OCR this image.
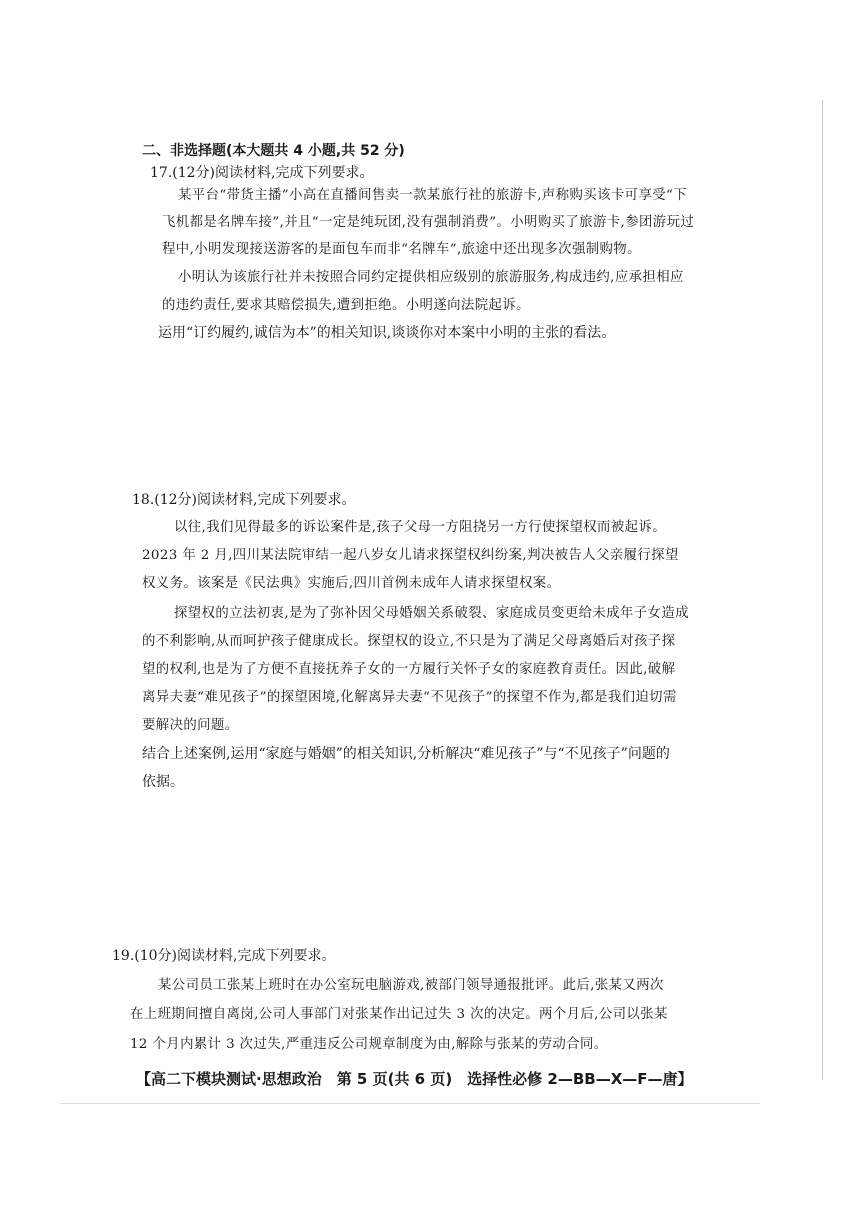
二、非选择题(本大题共 4 小题,共 52 分)
17.(12分)阅读材料,完成下列要求。
某平台“带货主播”小高在直播间售卖一款某旅行社的旅游卡,声称购买该卡可享受“下
飞机都是名牌车接”,并且“一定是纯玩团,没有强制消费”。小明购买了旅游卡,参团游玩过
程中,小明发现接送游客的是面包车而非“名牌车”,旅途中还出现多次强制购物。
小明认为该旅行社并未按照合同约定提供相应级别的旅游服务,构成违约,应承担相应
的违约责任,要求其赔偿损失,遭到拒绝。小明遂向法院起诉。
运用“订约履约,诚信为本”的相关知识,谈谈你对本案中小明的主张的看法。
18.(12分)阅读材料,完成下列要求。
以往,我们见得最多的诉讼案件是,孩子父母一方阻挠另一方行使探望权而被起诉。
2023 年 2 月,四川某法院审结一起八岁女儿请求探望权纠纷案,判决被告人父亲履行探望
权义务。该案是《民法典》实施后,四川首例未成年人请求探望权案。
探望权的立法初衷,是为了弥补因父母婚姻关系破裂、家庭成员变更给未成年子女造成
的不利影响,从而呵护孩子健康成长。探望权的设立,不只是为了满足父母离婚后对孩子探
望的权利,也是为了方便不直接抚养子女的一方履行关怀子女的家庭教育责任。因此,破解
离异夫妻“难见孩子”的探望困境,化解离异夫妻“不见孩子”的探望不作为,都是我们迫切需
要解决的问题。
结合上述案例,运用“家庭与婚姻”的相关知识,分析解决“难见孩子”与“不见孩子”问题的
依据。
19.(10分)阅读材料,完成下列要求。
某公司员工张某上班时在办公室玩电脑游戏,被部门领导通报批评。此后,张某又两次
在上班期间擅自离岗,公司人事部门对张某作出记过失 3 次的决定。两个月后,公司以张某
12 个月内累计 3 次过失,严重违反公司规章制度为由,解除与张某的劳动合同。
【高二下模块测试·思想政治　第 5 页(共 6 页)　选择性必修 2—BB—X—F—唐】
